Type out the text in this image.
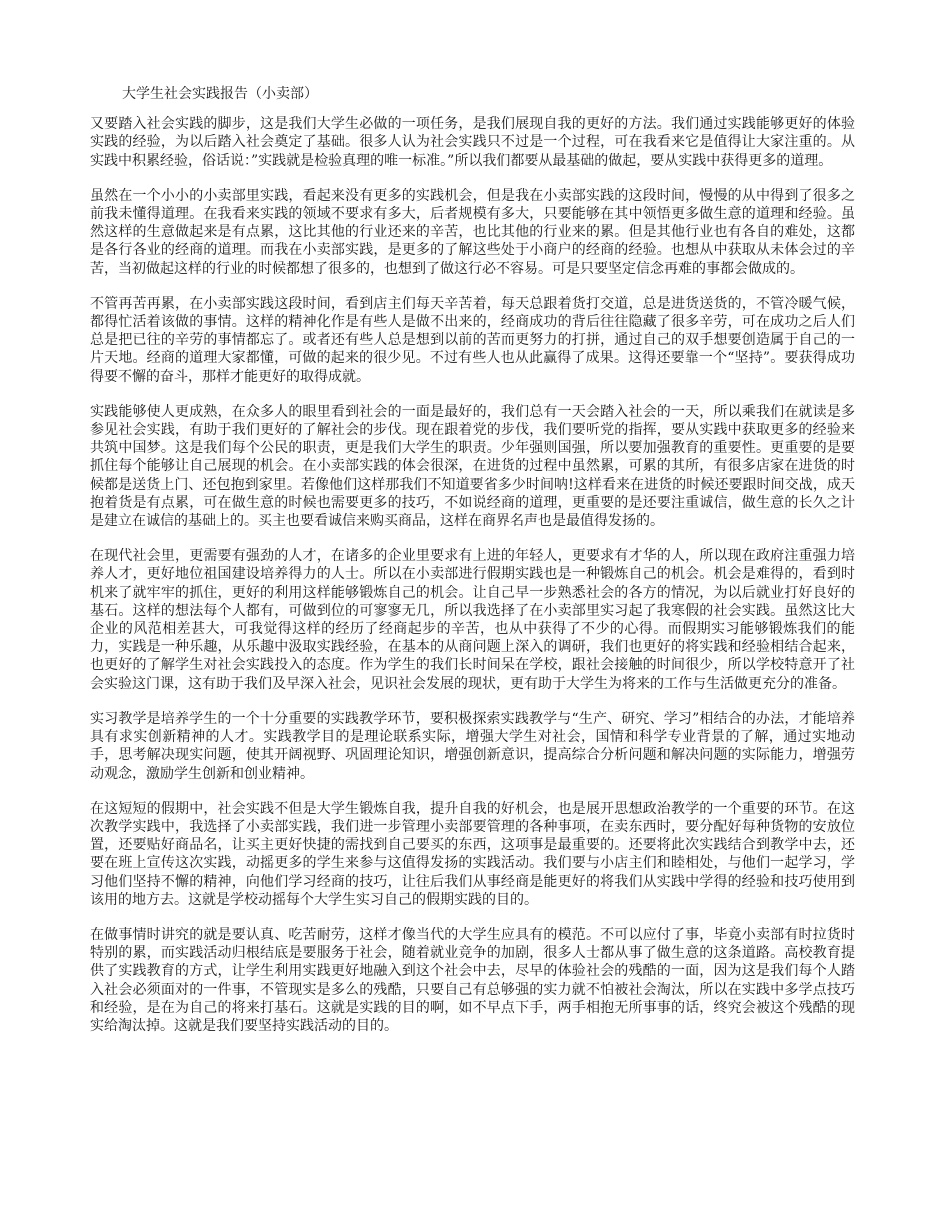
大学生社会实践报告（小卖部）

又要踏入社会实践的脚步，这是我们大学生必做的一项任务，是我们展现自我的更好的方法。我们通过实践能够更好的体验实践的经验，为以后踏入社会奠定了基础。很多人认为社会实践只不过是一个过程，可在我看来它是值得让大家注重的。从实践中积累经验，俗话说：”实践就是检验真理的唯一标准。”所以我们都要从最基础的做起，要从实践中获得更多的道理。

虽然在一个小小的小卖部里实践，看起来没有更多的实践机会，但是我在小卖部实践的这段时间，慢慢的从中得到了很多之前我未懂得道理。在我看来实践的领域不要求有多大，后者规模有多大，只要能够在其中领悟更多做生意的道理和经验。虽然这样的生意做起来是有点累，这比其他的行业还来的辛苦，也比其他的行业来的累。但是其他行业也有各自的难处，这都是各行各业的经商的道理。而我在小卖部实践，是更多的了解这些处于小商户的经商的经验。也想从中获取从未体会过的辛苦，当初做起这样的行业的时候都想了很多的，也想到了做这行必不容易。可是只要坚定信念再难的事都会做成的。

不管再苦再累，在小卖部实践这段时间，看到店主们每天辛苦着，每天总跟着货打交道，总是进货送货的，不管冷暖气候，都得忙活着该做的事情。这样的精神化作是有些人是做不出来的，经商成功的背后往往隐藏了很多辛劳，可在成功之后人们总是把已往的辛劳的事情都忘了。或者还有些人总是想到以前的苦而更努力的打拼，通过自己的双手想要创造属于自己的一片天地。经商的道理大家都懂，可做的起来的很少见。不过有些人也从此赢得了成果。这得还要靠一个“坚持”。要获得成功得要不懈的奋斗，那样才能更好的取得成就。

实践能够使人更成熟，在众多人的眼里看到社会的一面是最好的，我们总有一天会踏入社会的一天，所以乘我们在就读是多参见社会实践，有助于我们更好的了解社会的步伐。现在跟着党的步伐，我们要听党的指挥，要从实践中获取更多的经验来共筑中国梦。这是我们每个公民的职责，更是我们大学生的职责。少年强则国强，所以要加强教育的重要性。更重要的是要抓住每个能够让自己展现的机会。在小卖部实践的体会很深，在进货的过程中虽然累，可累的其所，有很多店家在进货的时候都是送货上门、还包抱到家里。若像他们这样那我们不知道要省多少时间呐!这样看来在进货的时候还要跟时间交战，成天抱着货是有点累，可在做生意的时候也需要更多的技巧，不如说经商的道理，更重要的是还要注重诚信，做生意的长久之计是建立在诚信的基础上的。买主也要看诚信来购买商品，这样在商界名声也是最值得发扬的。

在现代社会里，更需要有强劲的人才，在诸多的企业里要求有上进的年轻人，更要求有才华的人，所以现在政府注重强力培养人才，更好地位祖国建设培养得力的人士。所以在小卖部进行假期实践也是一种锻炼自己的机会。机会是难得的，看到时机来了就牢牢的抓住，更好的利用这样能够锻炼自己的机会。让自己早一步熟悉社会的各方的情况，为以后就业打好良好的基石。这样的想法每个人都有，可做到位的可寥寥无几，所以我选择了在小卖部里实习起了我寒假的社会实践。虽然这比大企业的风范相差甚大，可我觉得这样的经历了经商起步的辛苦，也从中获得了不少的心得。而假期实习能够锻炼我们的能力，实践是一种乐趣，从乐趣中汲取实践经验，在基本的从商问题上深入的调研，我们也更好的将实践和经验相结合起来，也更好的了解学生对社会实践投入的态度。作为学生的我们长时间呆在学校，跟社会接触的时间很少，所以学校特意开了社会实验这门课，这有助于我们及早深入社会，见识社会发展的现状，更有助于大学生为将来的工作与生活做更充分的准备。

实习教学是培养学生的一个十分重要的实践教学环节，要积极探索实践教学与“生产、研究、学习”相结合的办法，才能培养具有求实创新精神的人才。实践教学目的是理论联系实际，增强大学生对社会，国情和科学专业背景的了解，通过实地动手，思考解决现实问题，使其开阔视野、巩固理论知识，增强创新意识，提高综合分析问题和解决问题的实际能力，增强劳动观念，激励学生创新和创业精神。

在这短短的假期中，社会实践不但是大学生锻炼自我，提升自我的好机会，也是展开思想政治教学的一个重要的环节。在这次教学实践中，我选择了小卖部实践，我们进一步管理小卖部要管理的各种事项，在卖东西时，要分配好每种货物的安放位置，还要贴好商品名，让买主更好快捷的需找到自己要买的东西，这项事是最重要的。还要将此次实践结合到教学中去，还要在班上宣传这次实践，动摇更多的学生来参与这值得发扬的实践活动。我们要与小店主们和睦相处，与他们一起学习，学习他们坚持不懈的精神，向他们学习经商的技巧，让往后我们从事经商是能更好的将我们从实践中学得的经验和技巧使用到该用的地方去。这就是学校动摇每个大学生实习自己的假期实践的目的。

在做事情时讲究的就是要认真、吃苦耐劳，这样才像当代的大学生应具有的模范。不可以应付了事，毕竟小卖部有时拉货时特别的累，而实践活动归根结底是要服务于社会，随着就业竞争的加剧，很多人士都从事了做生意的这条道路。高校教育提供了实践教育的方式，让学生利用实践更好地融入到这个社会中去，尽早的体验社会的残酷的一面，因为这是我们每个人踏入社会必须面对的一件事，不管现实是多么的残酷，只要自己有总够强的实力就不怕被社会淘汰，所以在实践中多学点技巧和经验，是在为自己的将来打基石。这就是实践的目的啊，如不早点下手，两手相抱无所事事的话，终究会被这个残酷的现实给淘汰掉。这就是我们要坚持实践活动的目的。
